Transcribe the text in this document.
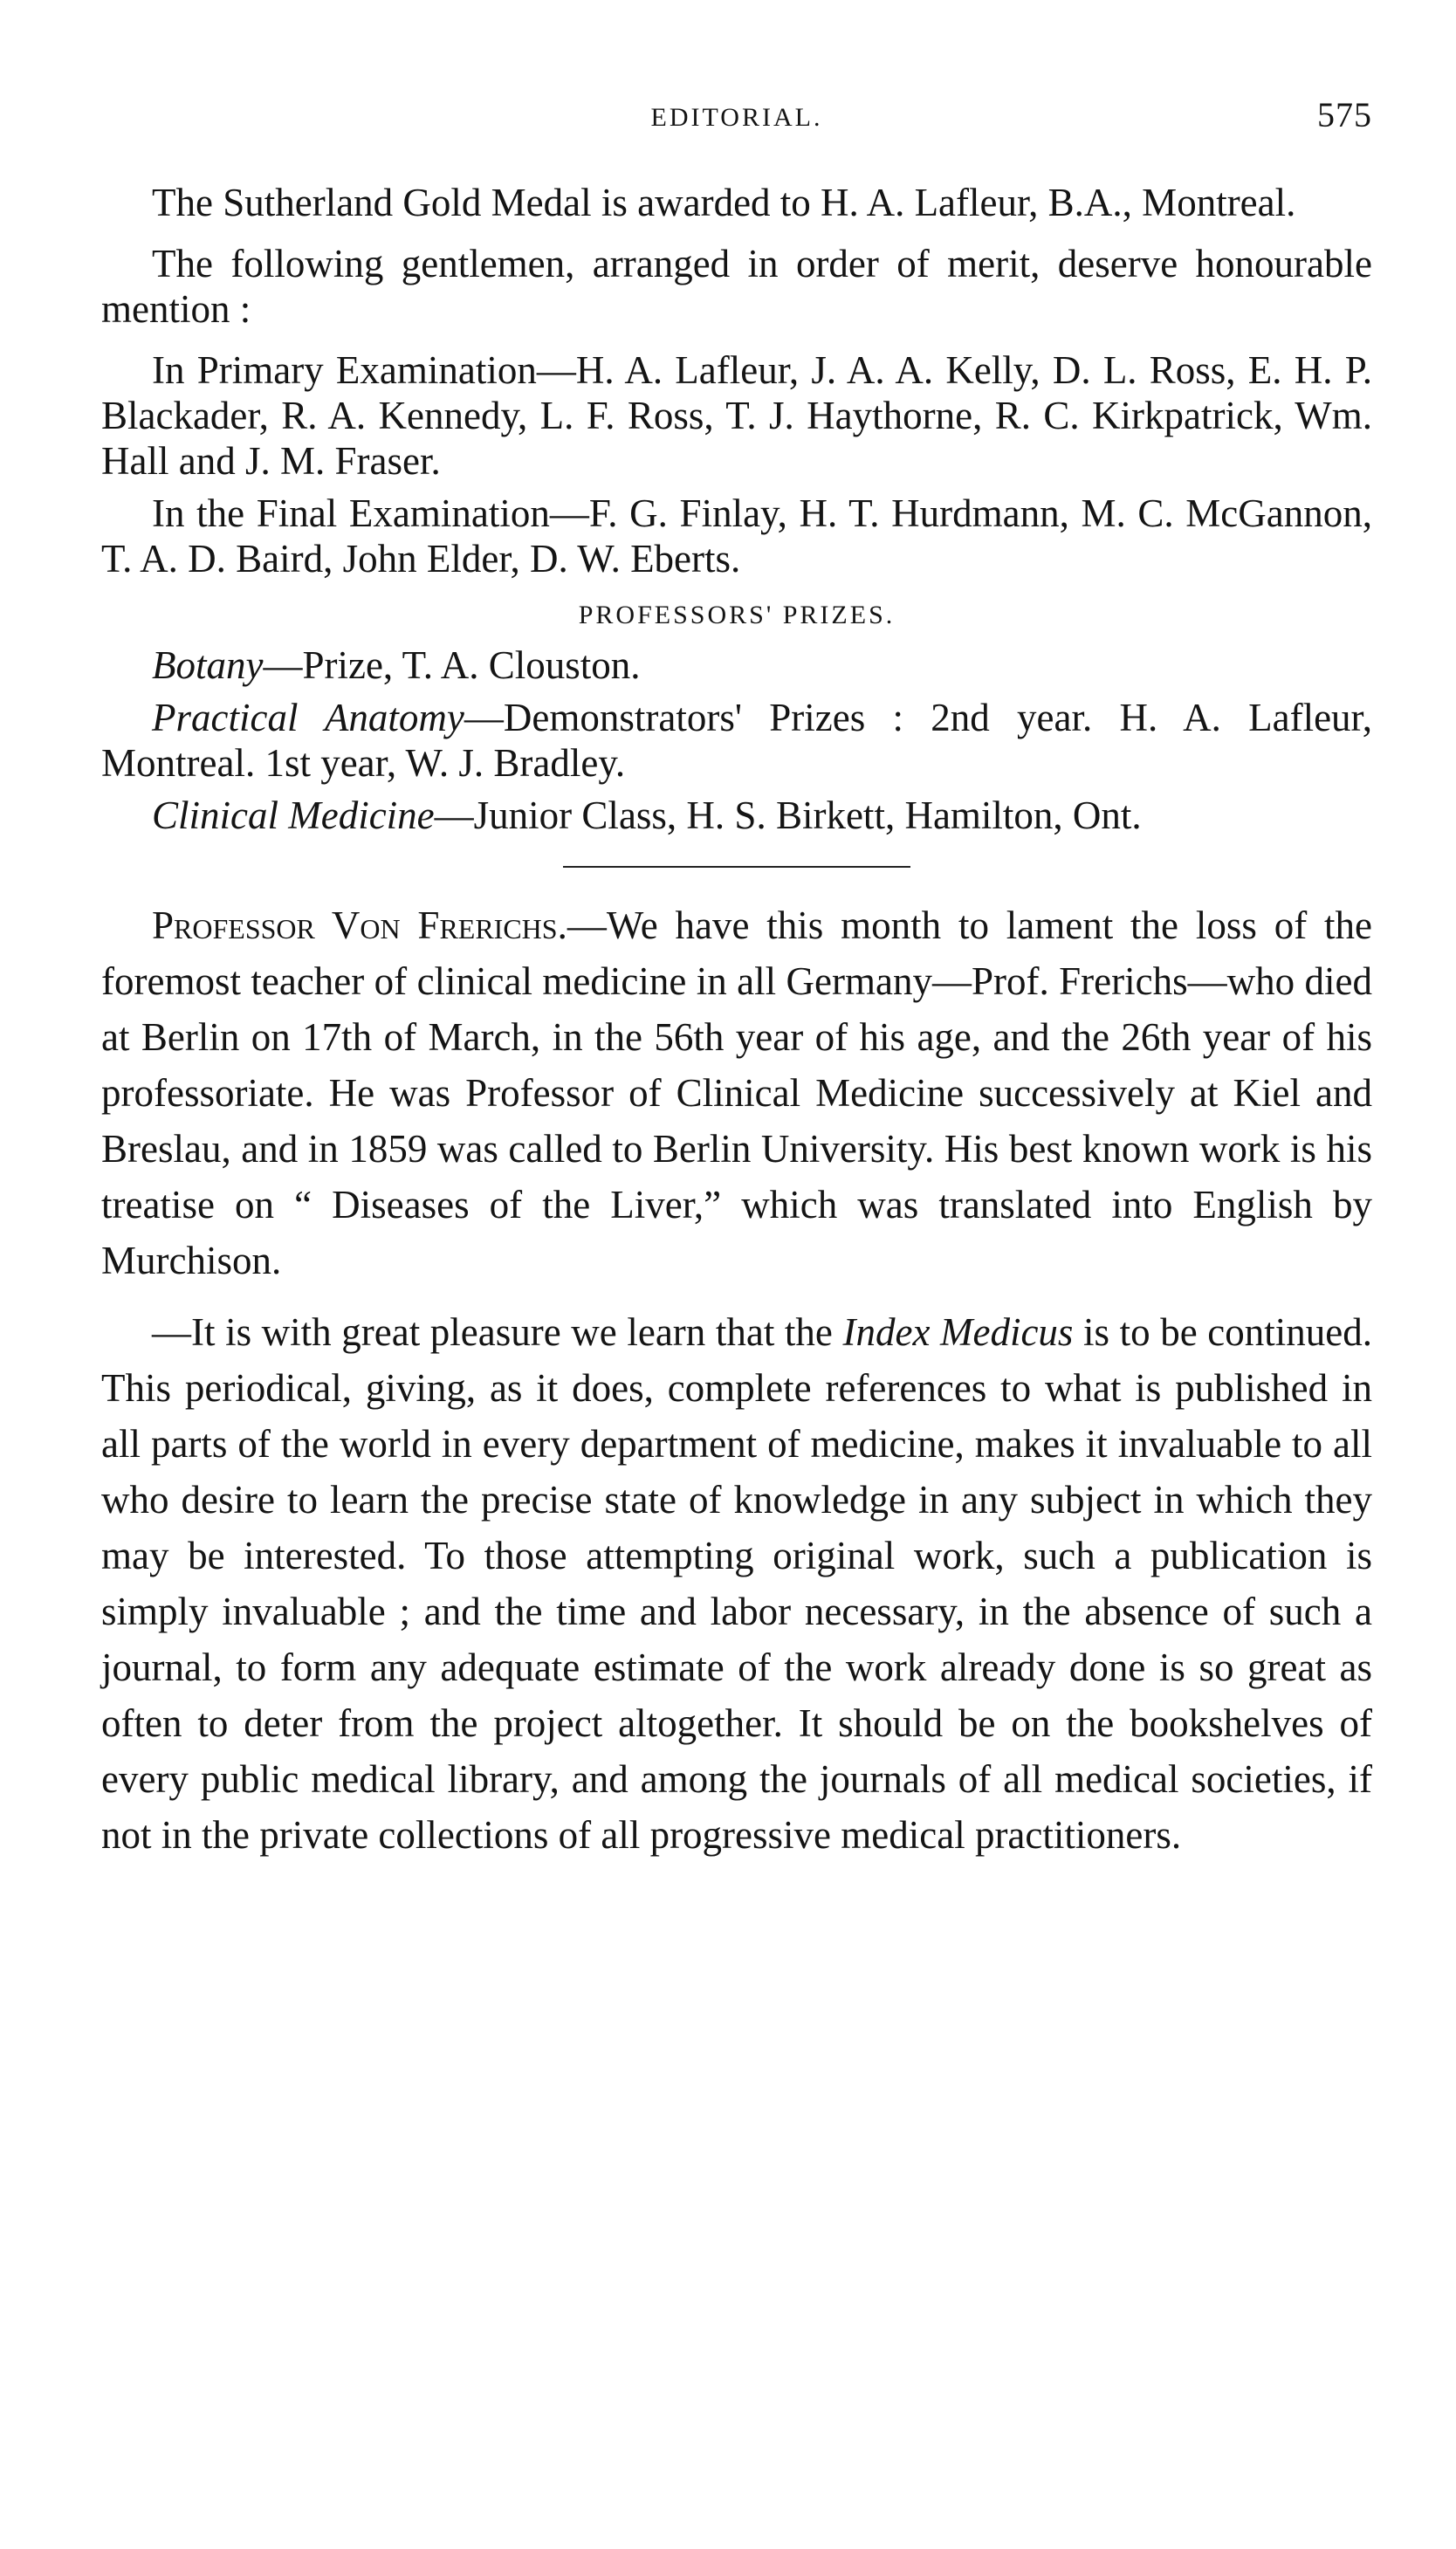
EDITORIAL.	575

The Sutherland Gold Medal is awarded to H. A. Lafleur, B.A., Montreal.

The following gentlemen, arranged in order of merit, deserve honourable mention :

In Primary Examination—H. A. Lafleur, J. A. A. Kelly, D. L. Ross, E. H. P. Blackader, R. A. Kennedy, L. F. Ross, T. J. Haythorne, R. C. Kirkpatrick, Wm. Hall and J. M. Fraser.

In the Final Examination—F. G. Finlay, H. T. Hurdmann, M. C. McGannon, T. A. D. Baird, John Elder, D. W. Eberts.

PROFESSORS' PRIZES.

Botany—Prize, T. A. Clouston.

Practical Anatomy—Demonstrators' Prizes : 2nd year. H. A. Lafleur, Montreal. 1st year, W. J. Bradley.

Clinical Medicine—Junior Class, H. S. Birkett, Hamilton, Ont.

Professor Von Frerichs.—We have this month to lament the loss of the foremost teacher of clinical medicine in all Germany—Prof. Frerichs—who died at Berlin on 17th of March, in the 56th year of his age, and the 26th year of his professoriate. He was Professor of Clinical Medicine successively at Kiel and Breslau, and in 1859 was called to Berlin University. His best known work is his treatise on “ Diseases of the Liver,” which was translated into English by Murchison.

—It is with great pleasure we learn that the Index Medicus is to be continued. This periodical, giving, as it does, complete references to what is published in all parts of the world in every department of medicine, makes it invaluable to all who desire to learn the precise state of knowledge in any subject in which they may be interested. To those attempting original work, such a publication is simply invaluable ; and the time and labor necessary, in the absence of such a journal, to form any adequate estimate of the work already done is so great as often to deter from the project altogether. It should be on the bookshelves of every public medical library, and among the journals of all medical societies, if not in the private collections of all progressive medical practitioners.
